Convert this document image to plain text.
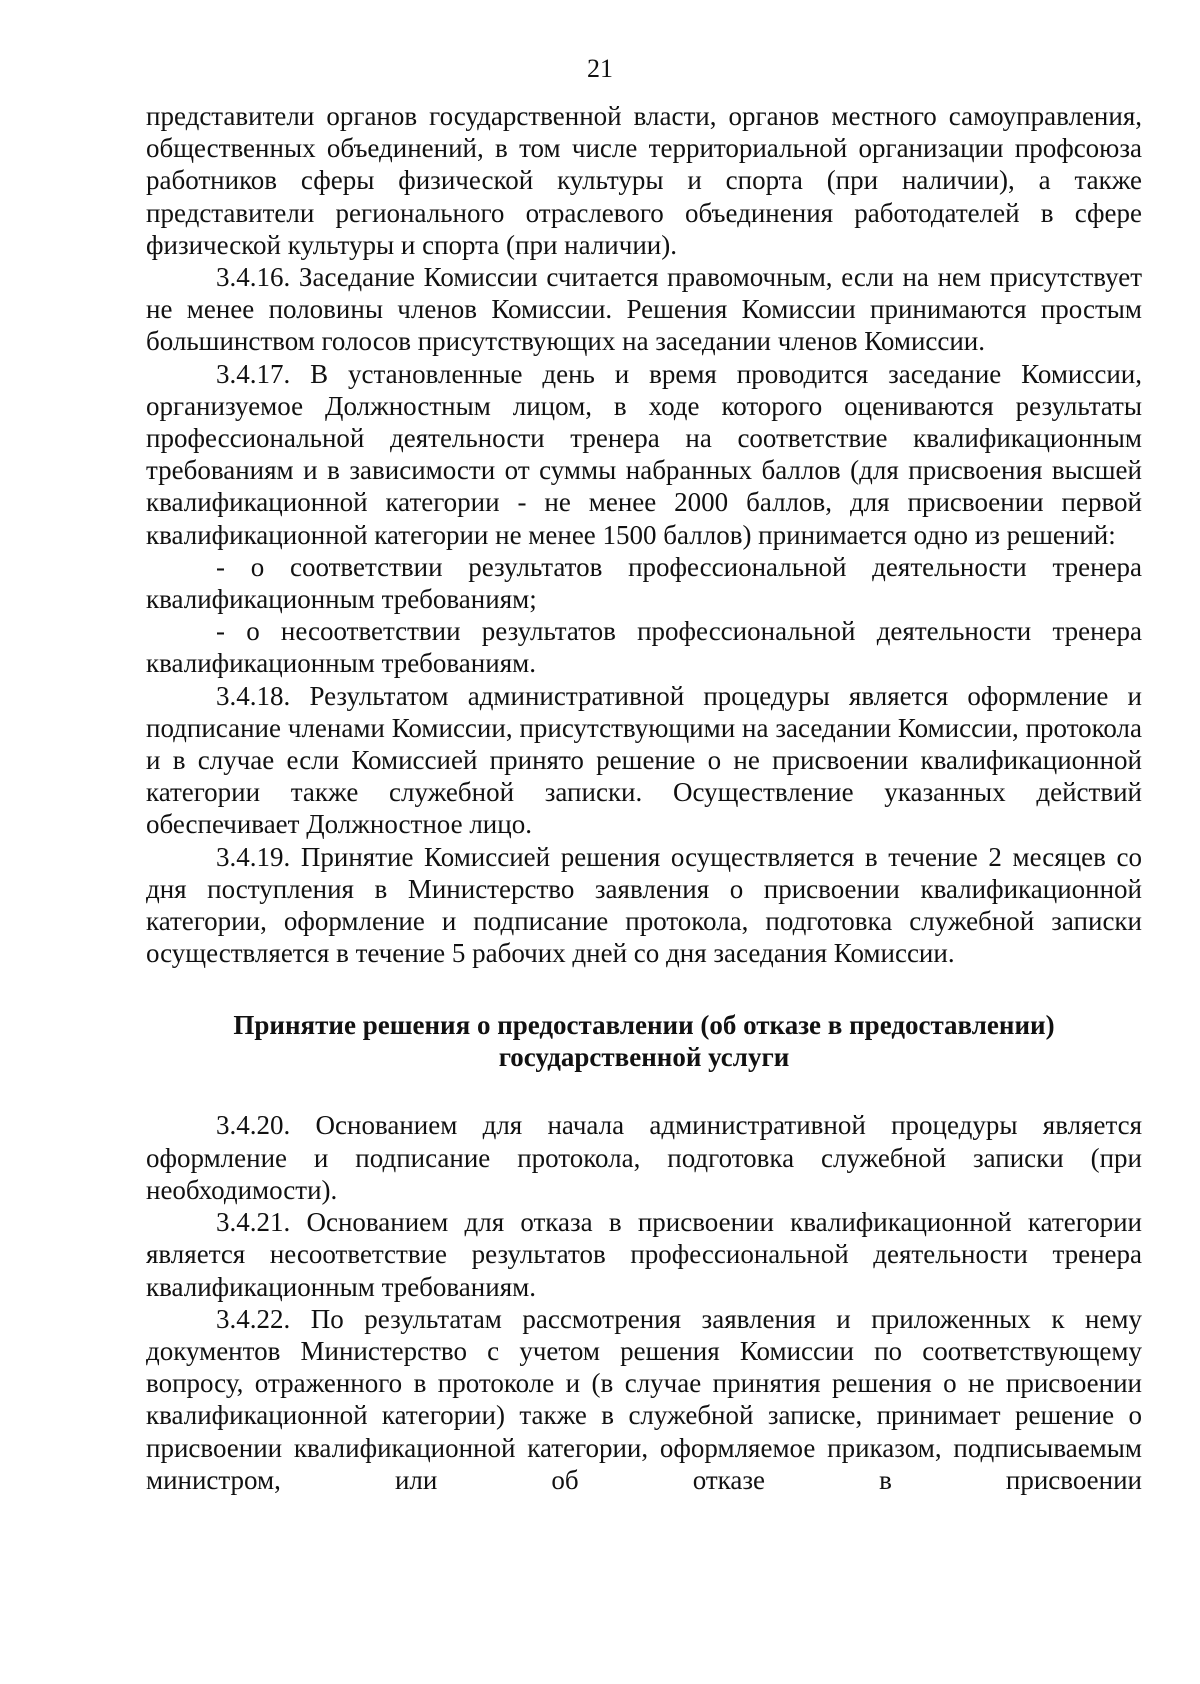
21

представители органов государственной власти, органов местного самоуправления, общественных объединений, в том числе территориальной организации профсоюза работников сферы физической культуры и спорта (при наличии), а также представители регионального отраслевого объединения работодателей в сфере физической культуры и спорта (при наличии).

3.4.16. Заседание Комиссии считается правомочным, если на нем присутствует не менее половины членов Комиссии. Решения Комиссии принимаются простым большинством голосов присутствующих на заседании членов Комиссии.

3.4.17. В установленные день и время проводится заседание Комиссии, организуемое Должностным лицом, в ходе которого оцениваются результаты профессиональной деятельности тренера на соответствие квалификационным требованиям и в зависимости от суммы набранных баллов (для присвоения высшей квалификационной категории - не менее 2000 баллов, для присвоении первой квалификационной категории не менее 1500 баллов) принимается одно из решений:

- о соответствии результатов профессиональной деятельности тренера квалификационным требованиям;

- о несоответствии результатов профессиональной деятельности тренера квалификационным требованиям.

3.4.18. Результатом административной процедуры является оформление и подписание членами Комиссии, присутствующими на заседании Комиссии, протокола и в случае если Комиссией принято решение о не присвоении квалификационной категории также служебной записки. Осуществление указанных действий обеспечивает Должностное лицо.

3.4.19. Принятие Комиссией решения осуществляется в течение 2 месяцев со дня поступления в Министерство заявления о присвоении квалификационной категории, оформление и подписание протокола, подготовка служебной записки осуществляется в течение 5 рабочих дней со дня заседания Комиссии.

Принятие решения о предоставлении (об отказе в предоставлении)
государственной услуги

3.4.20. Основанием для начала административной процедуры является оформление и подписание протокола, подготовка служебной записки (при необходимости).

3.4.21. Основанием для отказа в присвоении квалификационной категории является несоответствие результатов профессиональной деятельности тренера квалификационным требованиям.

3.4.22. По результатам рассмотрения заявления и приложенных к нему документов Министерство с учетом решения Комиссии по соответствующему вопросу, отраженного в протоколе и (в случае принятия решения о не присвоении квалификационной категории) также в служебной записке, принимает решение о присвоении квалификационной категории, оформляемое приказом, подписываемым министром, или об отказе в присвоении
